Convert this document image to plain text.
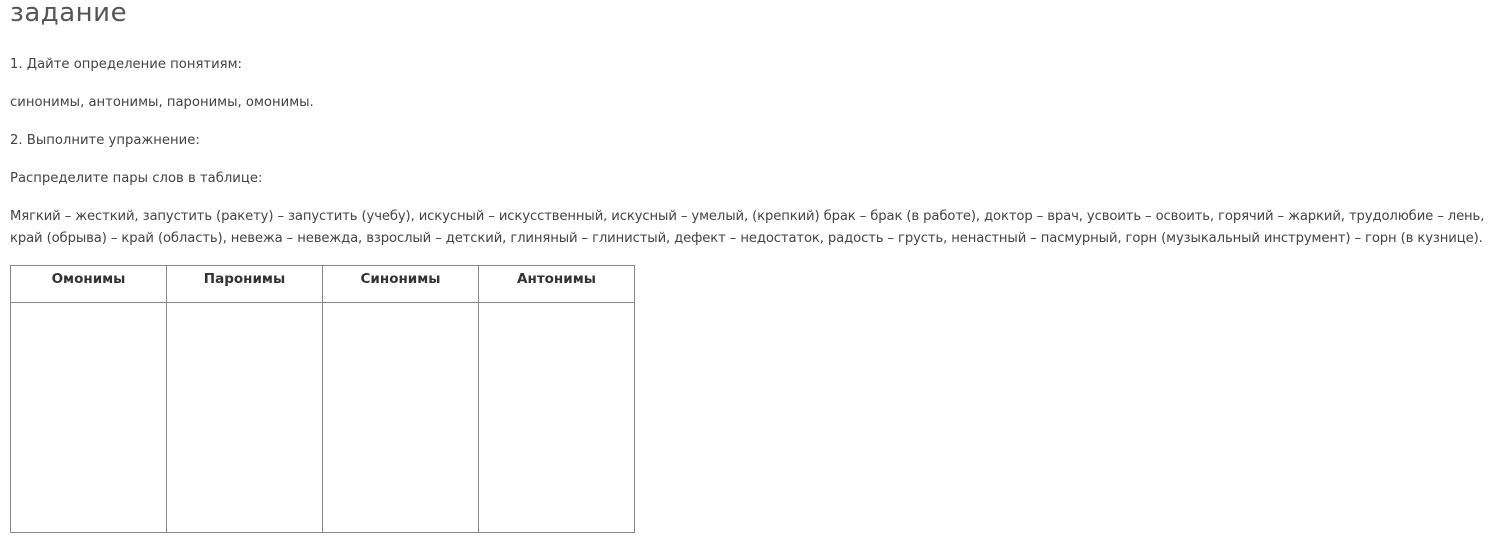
задание

1. Дайте определение понятиям:

синонимы, антонимы, паронимы, омонимы.

2. Выполните упражнение:

Распределите пары слов в таблице:

Мягкий – жесткий, запустить (ракету) – запустить (учебу), искусный – искусственный, искусный – умелый, (крепкий) брак – брак (в работе), доктор – врач, усвоить – освоить, горячий – жаркий, трудолюбие – лень, край (обрыва) – край (область), невежа – невежда, взрослый – детский, глиняный – глинистый, дефект – недостаток, радость – грусть, ненастный – пасмурный, горн (музыкальный инструмент) – горн (в кузнице).

Омонимы	Паронимы	Синонимы	Антонимы
